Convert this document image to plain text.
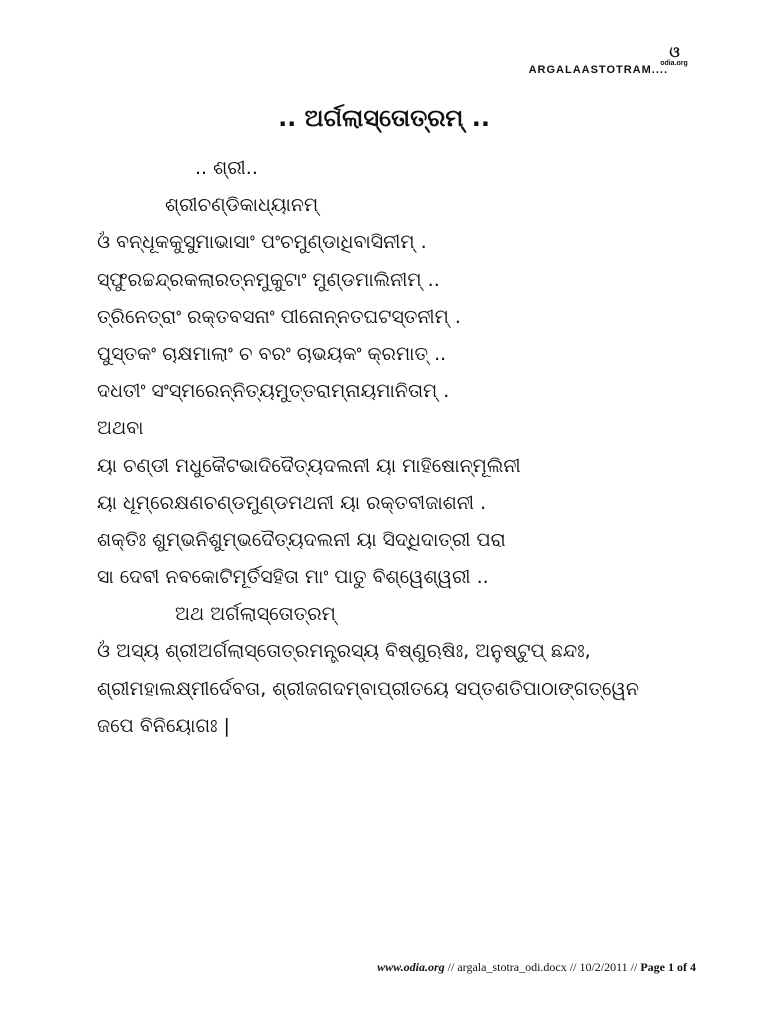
ଓ
odia.org
ARGALAASTOTRAM....
.. ଅର୍ଗଲାସ୍ତୋତ୍ରମ୍ ..
.. ଶ୍ରୀ..
ଶ୍ରୀଚଣ୍ଡିକାଧ୍ୟାନମ୍
ଓଁ ବନ୍ଧୂକକୁସୁମାଭାସାଂ ପଂଚମୁଣ୍ଡାଧିବାସିନୀମ୍ .
ସ୍ଫୁରଚ୍ଚନ୍ଦ୍ରକଲାରତ୍ନମୁକୁଟାଂ ମୁଣ୍ଡମାଲିନୀମ୍ ..
ତ୍ରିନେତ୍ରାଂ ରକ୍ତବସନାଂ ପୀନୋନ୍ନତଘଟସ୍ତନୀମ୍ .
ପୁସ୍ତକଂ ଚାକ୍ଷମାଲାଂ ଚ ବରଂ ଚାଭୟକଂ କ୍ରମାତ୍ ..
ଦଧତୀଂ ସଂସ୍ମରେନ୍ନିତ୍ୟମୁତ୍ତରାମ୍ନାୟମାନିତାମ୍ .
ଅଥବା
ୟା ଚଣ୍ଡୀ ମଧୁକୈଟଭାଦିଦୈତ୍ୟଦଲନୀ ୟା ମାହିଷୋନ୍ମୂଲିନୀ
ୟା ଧୂମ୍ରେକ୍ଷଣଚଣ୍ଡମୁଣ୍ଡମଥନୀ ୟା ରକ୍ତବୀଜାଶନୀ .
ଶକ୍ତିଃ ଶୁମ୍ଭନିଶୁମ୍ଭଦୈତ୍ୟଦଲନୀ ୟା ସିଦ୍ଧିଦାତ୍ରୀ ପରା
ସା ଦେବୀ ନବକୋଟିମୂର୍ତିସହିତା ମାଂ ପାତୁ ବିଶ୍ୱେଶ୍ୱରୀ ..
ଅଥ ଅର୍ଗଲାସ୍ତୋତ୍ରମ୍
ଓଁ ଅସ୍ୟ ଶ୍ରୀଅର୍ଗଲାସ୍ତୋତ୍ରମନ୍ତ୍ରସ୍ୟ ବିଷ୍ଣୁଋଷିଃ, ଅନୁଷ୍ଟୁପ୍ ଛନ୍ଦଃ,
ଶ୍ରୀମହାଲକ୍ଷ୍ମୀର୍ଦେବତା, ଶ୍ରୀଜଗଦମ୍ବାପ୍ରୀତୟେ ସପ୍ତଶତିପାଠାଙ୍ଗତ୍ୱେନ
ଜପେ ବିନିୟୋଗଃ |
www.odia.org // argala_stotra_odi.docx // 10/2/2011 // Page 1 of 4
